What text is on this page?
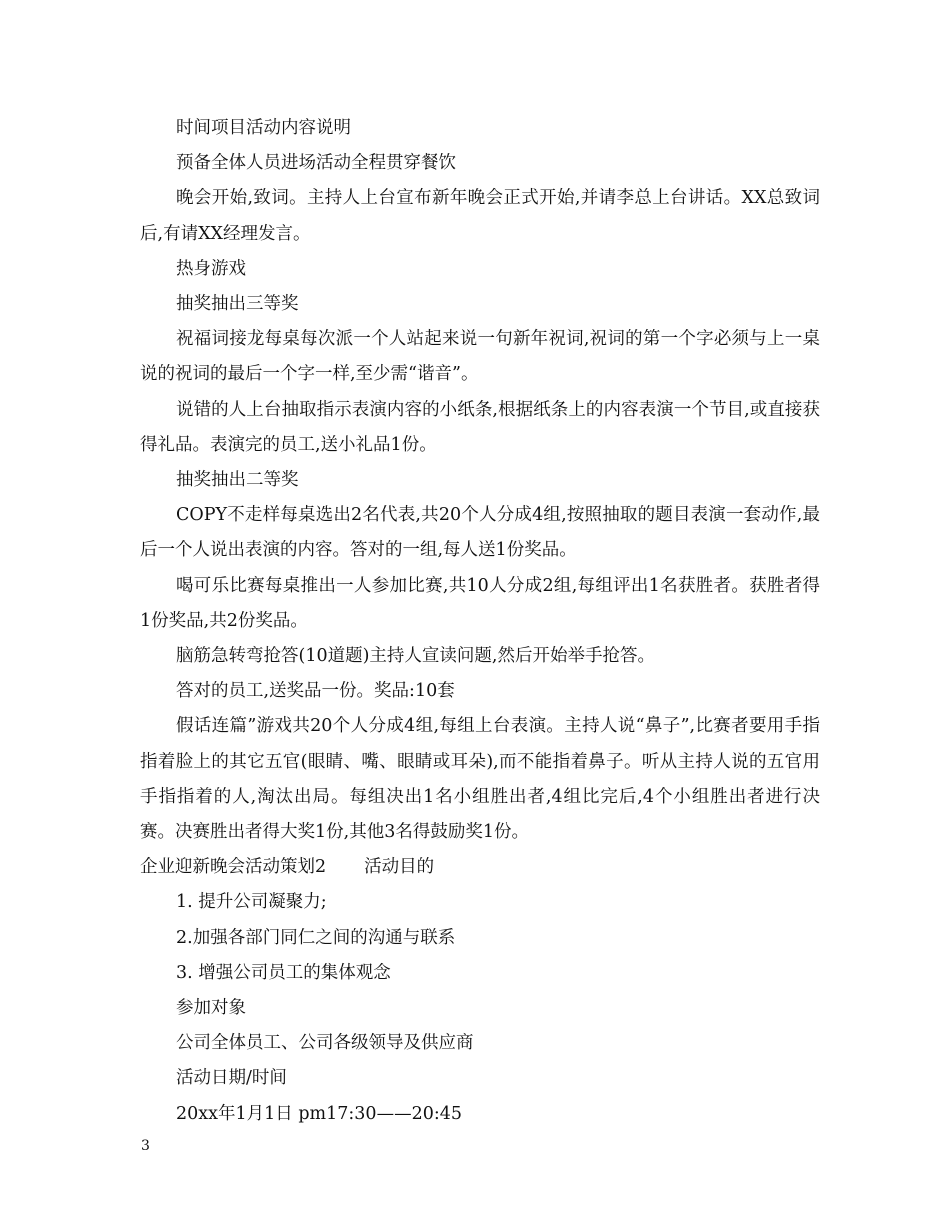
时间项目活动内容说明

预备全体人员进场活动全程贯穿餐饮

晚会开始,致词。主持人上台宣布新年晚会正式开始,并请李总上台讲话。XX总致词后,有请XX经理发言。

热身游戏

抽奖抽出三等奖

祝福词接龙每桌每次派一个人站起来说一句新年祝词,祝词的第一个字必须与上一桌说的祝词的最后一个字一样,至少需“谐音”。

说错的人上台抽取指示表演内容的小纸条,根据纸条上的内容表演一个节目,或直接获得礼品。表演完的员工,送小礼品1份。

抽奖抽出二等奖

COPY不走样每桌选出2名代表,共20个人分成4组,按照抽取的题目表演一套动作,最后一个人说出表演的内容。答对的一组,每人送1份奖品。

喝可乐比赛每桌推出一人参加比赛,共10人分成2组,每组评出1名获胜者。获胜者得1份奖品,共2份奖品。

脑筋急转弯抢答(10道题)主持人宣读问题,然后开始举手抢答。

答对的员工,送奖品一份。奖品:10套

假话连篇”游戏共20个人分成4组,每组上台表演。主持人说“鼻子”,比赛者要用手指指着脸上的其它五官(眼睛、嘴、眼睛或耳朵),而不能指着鼻子。听从主持人说的五官用手指指着的人,淘汰出局。每组决出1名小组胜出者,4组比完后,4个小组胜出者进行决赛。决赛胜出者得大奖1份,其他3名得鼓励奖1份。

企业迎新晚会活动策划2 活动目的

1. 提升公司凝聚力;

2.加强各部门同仁之间的沟通与联系

3. 增强公司员工的集体观念

参加对象

公司全体员工、公司各级领导及供应商

活动日期/时间

20xx年1月1日 pm17:30——20:45

3
